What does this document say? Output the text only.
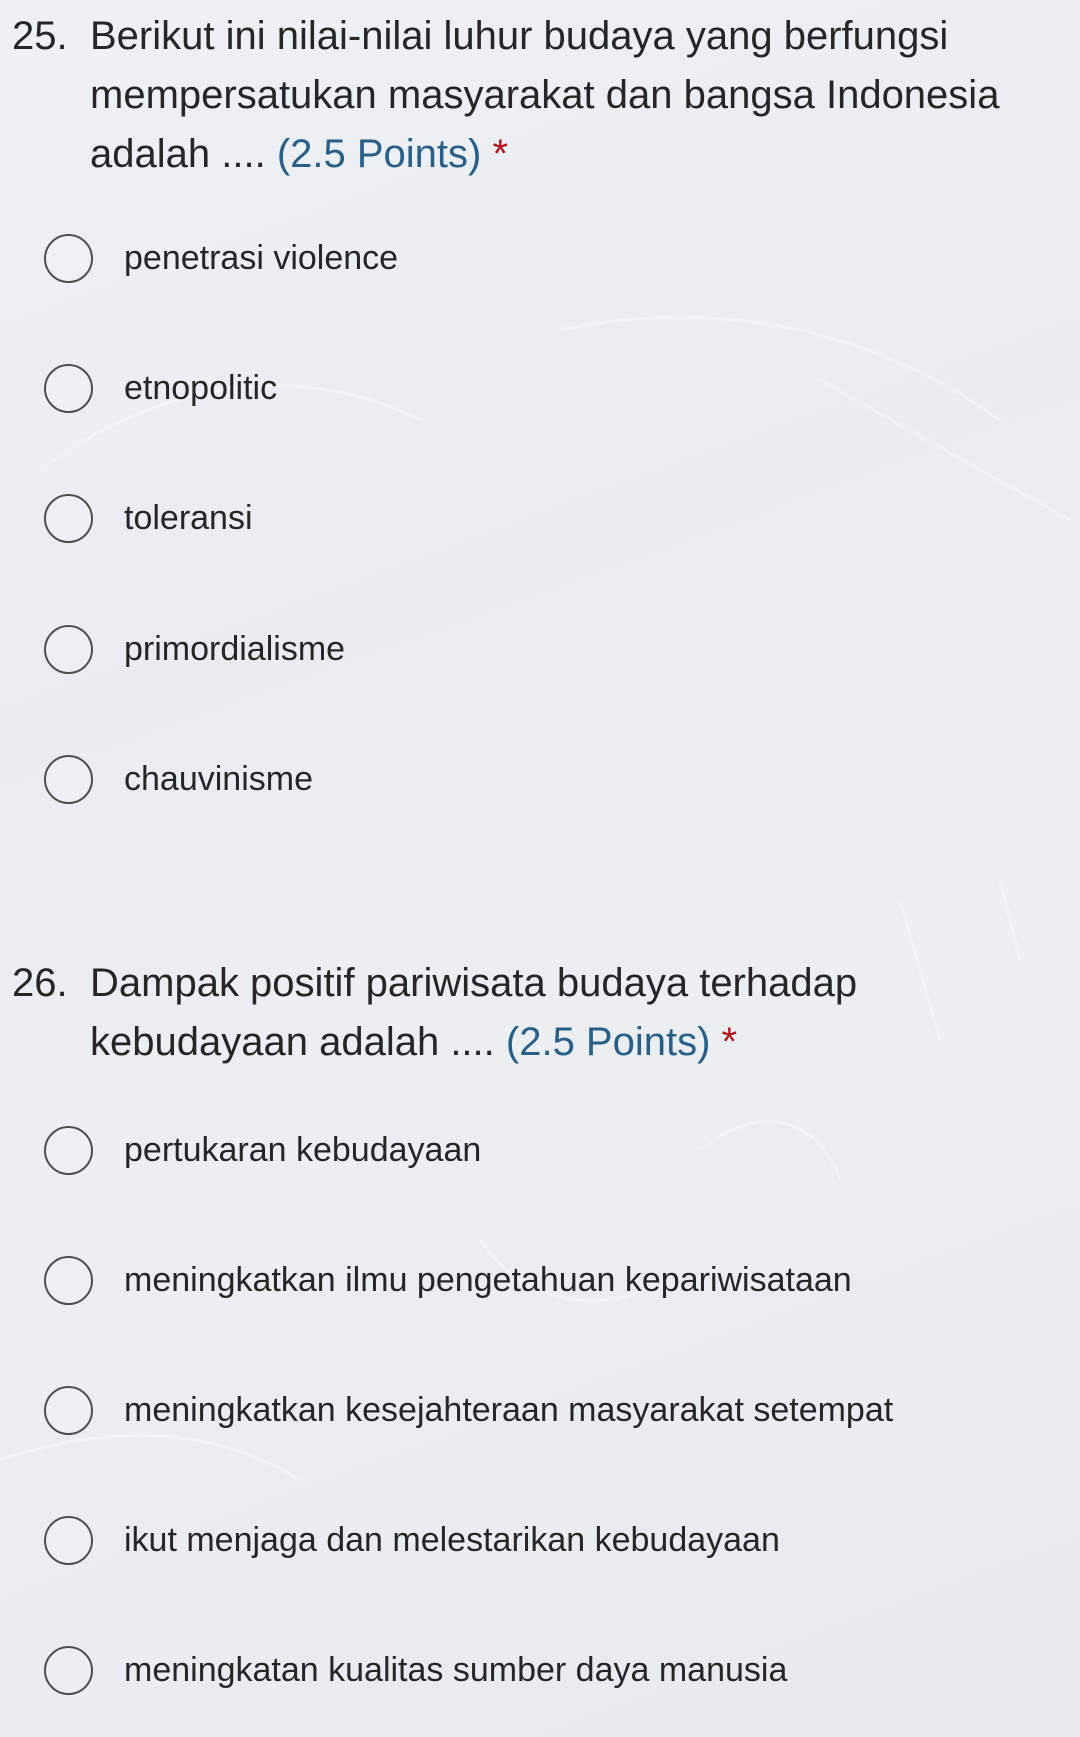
25. Berikut ini nilai-nilai luhur budaya yang berfungsi mempersatukan masyarakat dan bangsa Indonesia adalah .... (2.5 Points) *
penetrasi violence
etnopolitic
toleransi
primordialisme
chauvinisme
26. Dampak positif pariwisata budaya terhadap kebudayaan adalah .... (2.5 Points) *
pertukaran kebudayaan
meningkatkan ilmu pengetahuan kepariwisataan
meningkatkan kesejahteraan masyarakat setempat
ikut menjaga dan melestarikan kebudayaan
meningkatan kualitas sumber daya manusia
